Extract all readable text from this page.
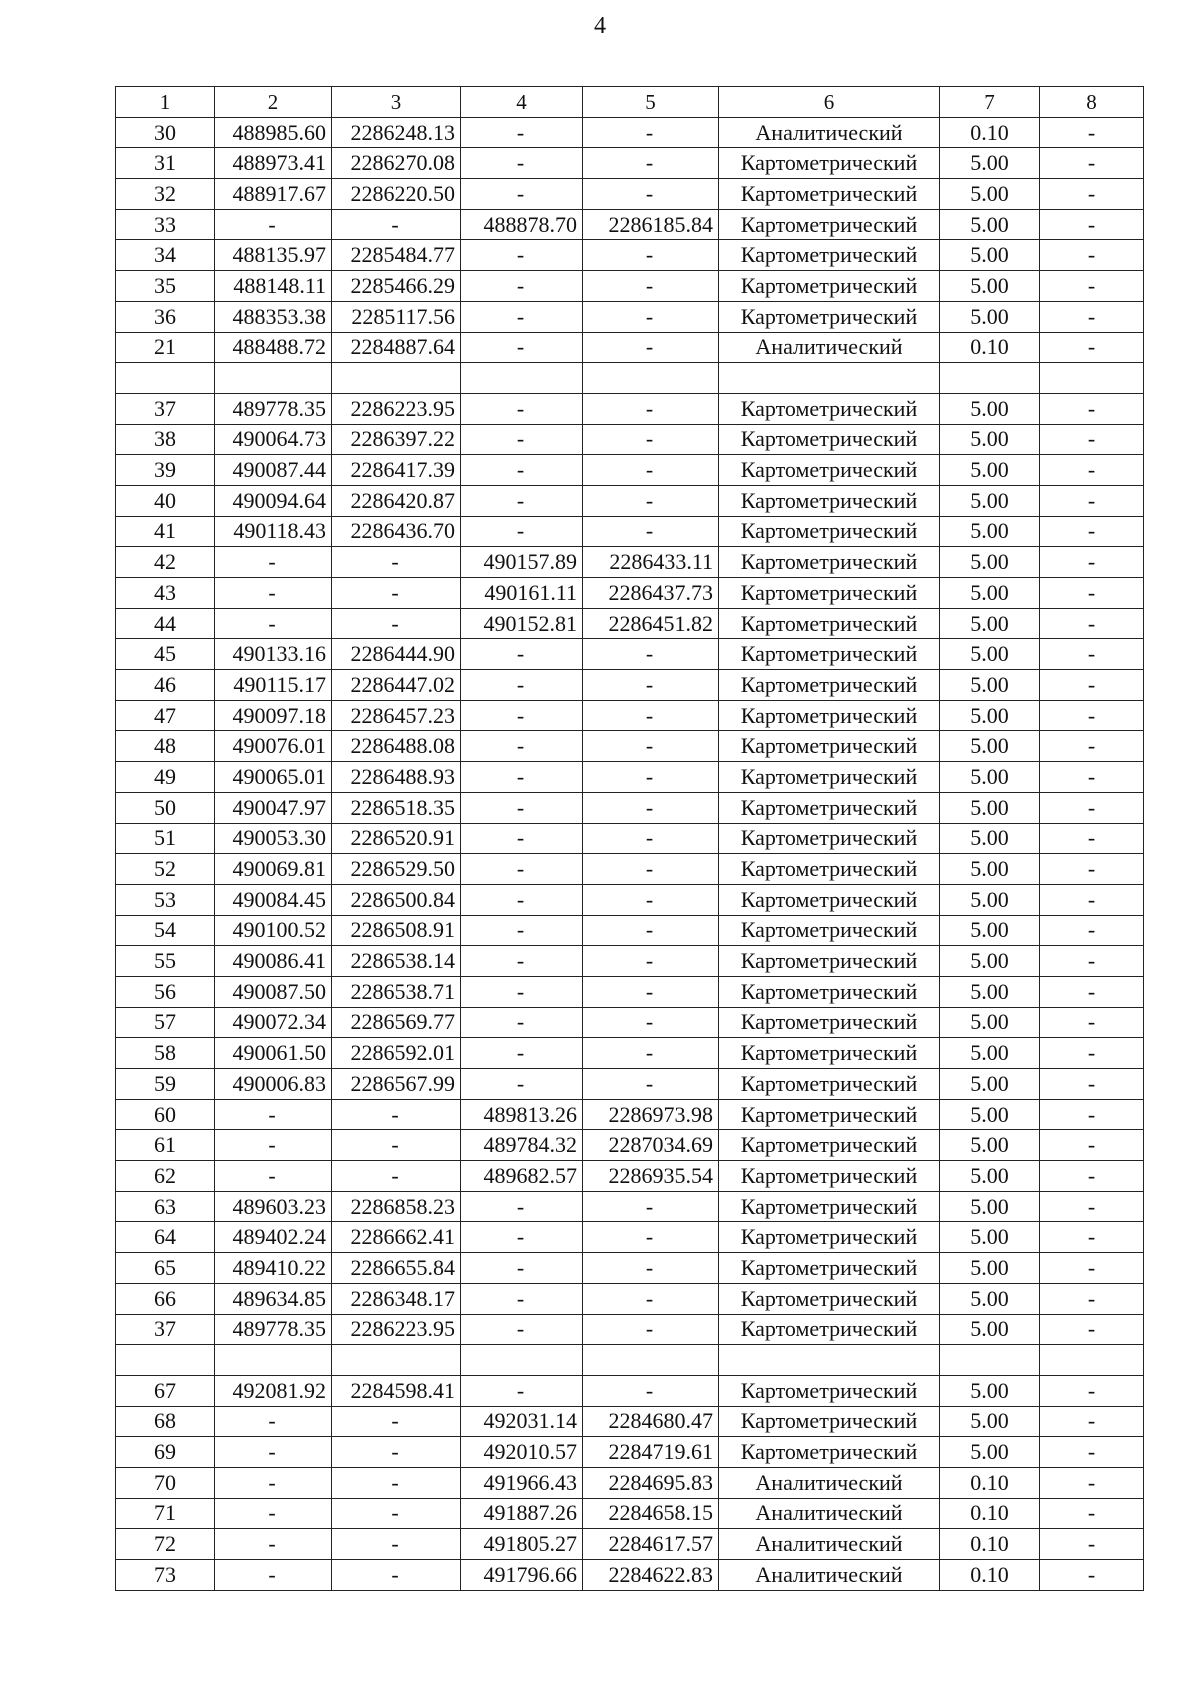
4
1	2	3	4	5	6	7	8
30	488985.60	2286248.13	-	-	Аналитический	0.10	-
31	488973.41	2286270.08	-	-	Картометрический	5.00	-
32	488917.67	2286220.50	-	-	Картометрический	5.00	-
33	-	-	488878.70	2286185.84	Картометрический	5.00	-
34	488135.97	2285484.77	-	-	Картометрический	5.00	-
35	488148.11	2285466.29	-	-	Картометрический	5.00	-
36	488353.38	2285117.56	-	-	Картометрический	5.00	-
21	488488.72	2284887.64	-	-	Аналитический	0.10	-

37	489778.35	2286223.95	-	-	Картометрический	5.00	-
38	490064.73	2286397.22	-	-	Картометрический	5.00	-
39	490087.44	2286417.39	-	-	Картометрический	5.00	-
40	490094.64	2286420.87	-	-	Картометрический	5.00	-
41	490118.43	2286436.70	-	-	Картометрический	5.00	-
42	-	-	490157.89	2286433.11	Картометрический	5.00	-
43	-	-	490161.11	2286437.73	Картометрический	5.00	-
44	-	-	490152.81	2286451.82	Картометрический	5.00	-
45	490133.16	2286444.90	-	-	Картометрический	5.00	-
46	490115.17	2286447.02	-	-	Картометрический	5.00	-
47	490097.18	2286457.23	-	-	Картометрический	5.00	-
48	490076.01	2286488.08	-	-	Картометрический	5.00	-
49	490065.01	2286488.93	-	-	Картометрический	5.00	-
50	490047.97	2286518.35	-	-	Картометрический	5.00	-
51	490053.30	2286520.91	-	-	Картометрический	5.00	-
52	490069.81	2286529.50	-	-	Картометрический	5.00	-
53	490084.45	2286500.84	-	-	Картометрический	5.00	-
54	490100.52	2286508.91	-	-	Картометрический	5.00	-
55	490086.41	2286538.14	-	-	Картометрический	5.00	-
56	490087.50	2286538.71	-	-	Картометрический	5.00	-
57	490072.34	2286569.77	-	-	Картометрический	5.00	-
58	490061.50	2286592.01	-	-	Картометрический	5.00	-
59	490006.83	2286567.99	-	-	Картометрический	5.00	-
60	-	-	489813.26	2286973.98	Картометрический	5.00	-
61	-	-	489784.32	2287034.69	Картометрический	5.00	-
62	-	-	489682.57	2286935.54	Картометрический	5.00	-
63	489603.23	2286858.23	-	-	Картометрический	5.00	-
64	489402.24	2286662.41	-	-	Картометрический	5.00	-
65	489410.22	2286655.84	-	-	Картометрический	5.00	-
66	489634.85	2286348.17	-	-	Картометрический	5.00	-
37	489778.35	2286223.95	-	-	Картометрический	5.00	-

67	492081.92	2284598.41	-	-	Картометрический	5.00	-
68	-	-	492031.14	2284680.47	Картометрический	5.00	-
69	-	-	492010.57	2284719.61	Картометрический	5.00	-
70	-	-	491966.43	2284695.83	Аналитический	0.10	-
71	-	-	491887.26	2284658.15	Аналитический	0.10	-
72	-	-	491805.27	2284617.57	Аналитический	0.10	-
73	-	-	491796.66	2284622.83	Аналитический	0.10	-
